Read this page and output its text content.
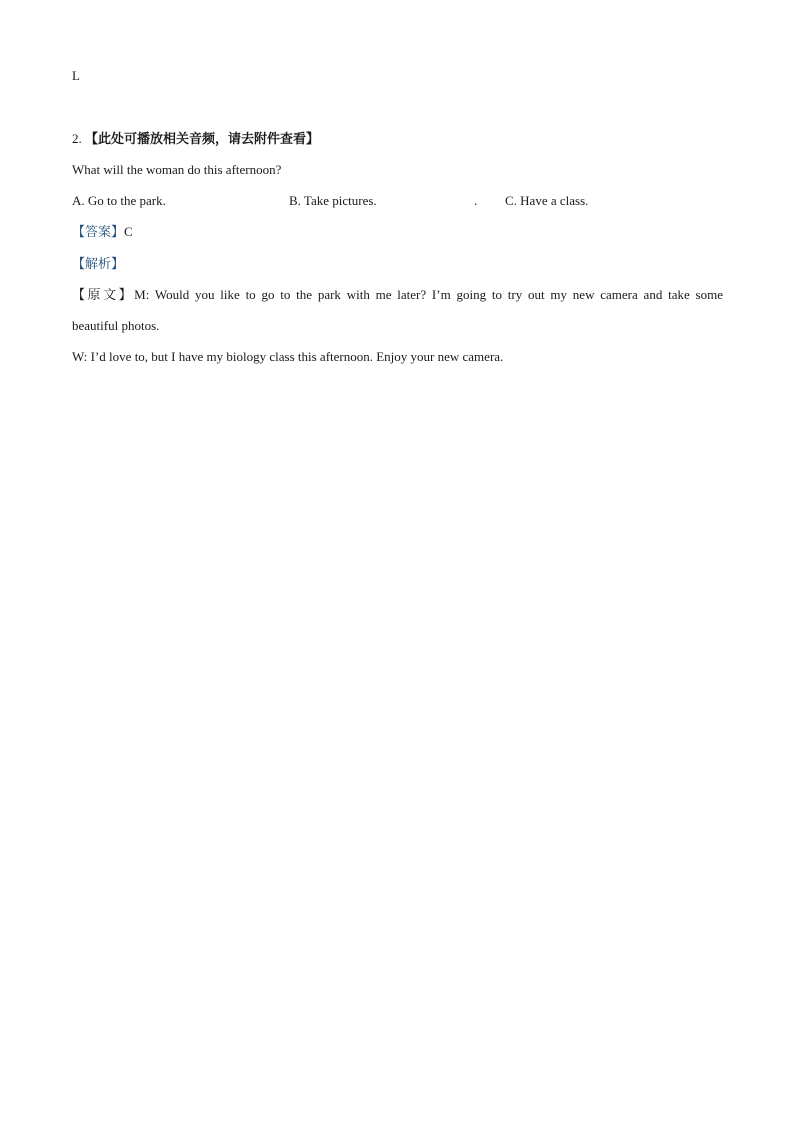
L
2. 【此处可播放相关音频，请去附件查看】
What will the woman do this afternoon?
A. Go to the park.	B. Take pictures.	. C. Have a class.
【答案】C
【解析】
【原文】M: Would you like to go to the park with me later? I’m going to try out my new camera and take some
beautiful photos.
W: I’d love to, but I have my biology class this afternoon. Enjoy your new camera.
